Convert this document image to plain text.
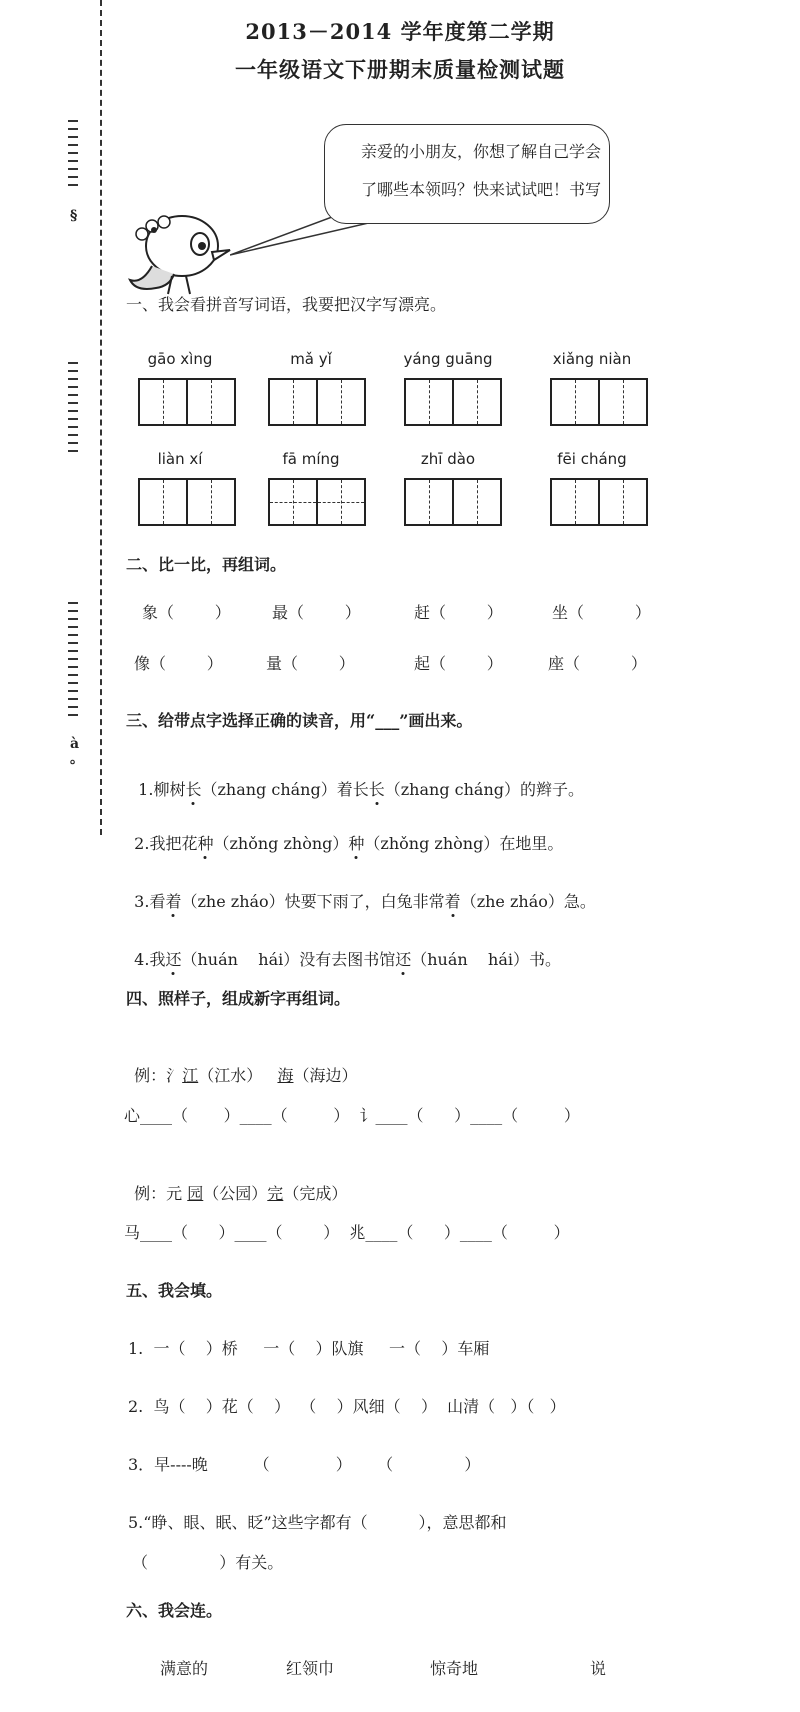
2013－2014 学年度第二学期
一年级语文下册期末质量检测试题
§
à
。
亲爱的小朋友，你想了解自己学会
了哪些本领吗？快来试试吧！书写
一、我会看拼音写词语，我要把汉字写漂亮。
gāo xìng	mǎ yǐ	yáng guāng	xiǎng niàn
liàn xí	fā míng	zhī dào	fēi cháng
二、比一比，再组词。
象（        ）	最（        ）	赶（        ）	坐（          ）
像（        ）	量（        ）	起（        ）	座（          ）
三、给带点字选择正确的读音，用“___”画出来。

1.柳树长（zhang cháng）着长长（zhang cháng）的辫子。

2.我把花种（zhǒng zhòng）种（zhǒng zhòng）在地里。

3.看着（zhe zháo）快要下雨了，白兔非常着（zhe zháo）急。

4.我还（huán    hái）没有去图书馆还（huán    hái）书。

四、照样子，组成新字再组词。

例：氵江（江水）   海（海边）

心____（       ）____（         ）  讠____（      ）____（         ）

例：元 园（公园）完（完成）

马____（      ）____（        ）  兆____（      ）____（         ）
五、我会填。
1.  一（    ）桥     一（    ）队旗     一（    ）车厢
2.  鸟（    ）花（    ）  （    ）风细（    ）  山清（   ）（   ）
3．早----晚         （             ）     （              ）
5.“睁、眼、眠、眨”这些字都有（          ），意思都和
（              ）有关。
六、我会连。
满意的	红领巾	惊奇地	说
